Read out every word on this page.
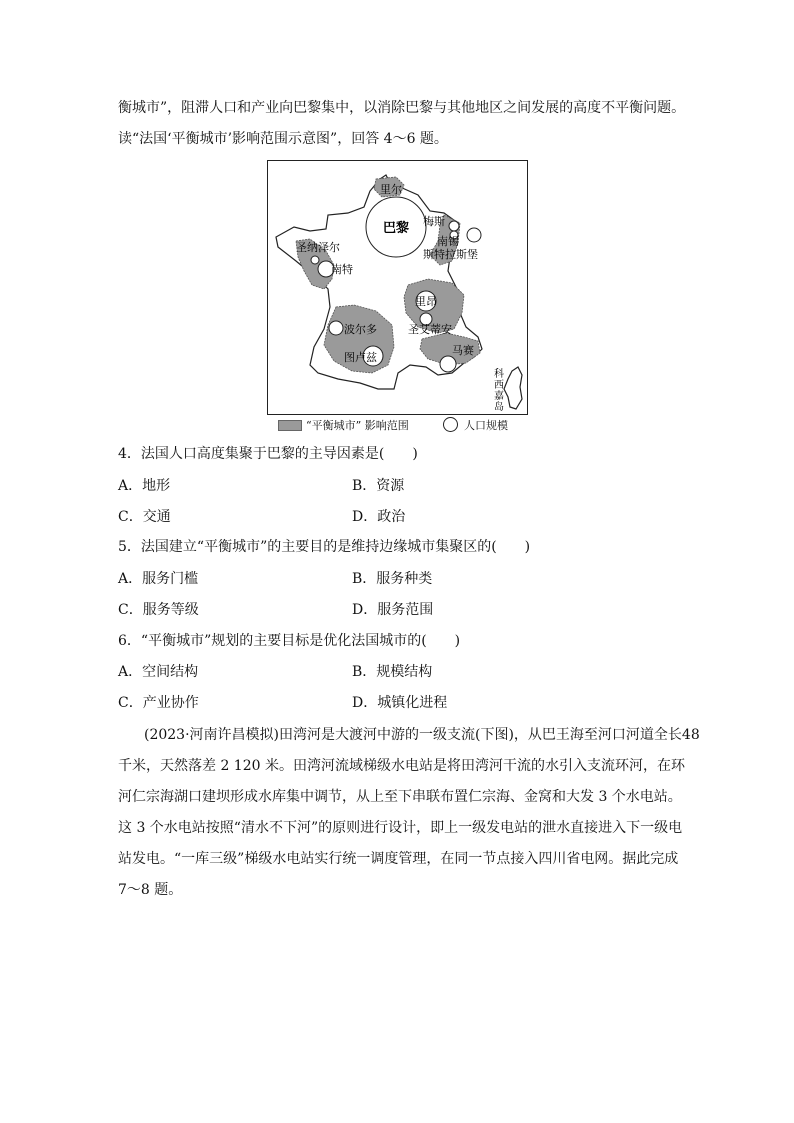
衡城市”，阻滞人口和产业向巴黎集中，以消除巴黎与其他地区之间发展的高度不平衡问题。
读“法国‘平衡城市’影响范围示意图”，回答 4～6 题。
巴黎
里尔
梅斯
南锡
斯特拉斯堡
圣纳泽尔
南特
里昂
圣艾蒂安
波尔多
图卢兹
马赛
科
西
嘉
岛
“平衡城市” 影响范围	人口规模
4．法国人口高度集聚于巴黎的主导因素是(　　)
A．地形	B．资源
C．交通	D．政治
5．法国建立“平衡城市”的主要目的是维持边缘城市集聚区的(　　)
A．服务门槛	B．服务种类
C．服务等级	D．服务范围
6．“平衡城市”规划的主要目标是优化法国城市的(　　)
A．空间结构	B．规模结构
C．产业协作	D．城镇化进程
(2023·河南许昌模拟)田湾河是大渡河中游的一级支流(下图)，从巴王海至河口河道全长48
千米，天然落差 2 120 米。田湾河流域梯级水电站是将田湾河干流的水引入支流环河，在环
河仁宗海湖口建坝形成水库集中调节，从上至下串联布置仁宗海、金窝和大发 3 个水电站。
这 3 个水电站按照“清水不下河”的原则进行设计，即上一级发电站的泄水直接进入下一级电
站发电。“一库三级”梯级水电站实行统一调度管理，在同一节点接入四川省电网。据此完成
7～8 题。
